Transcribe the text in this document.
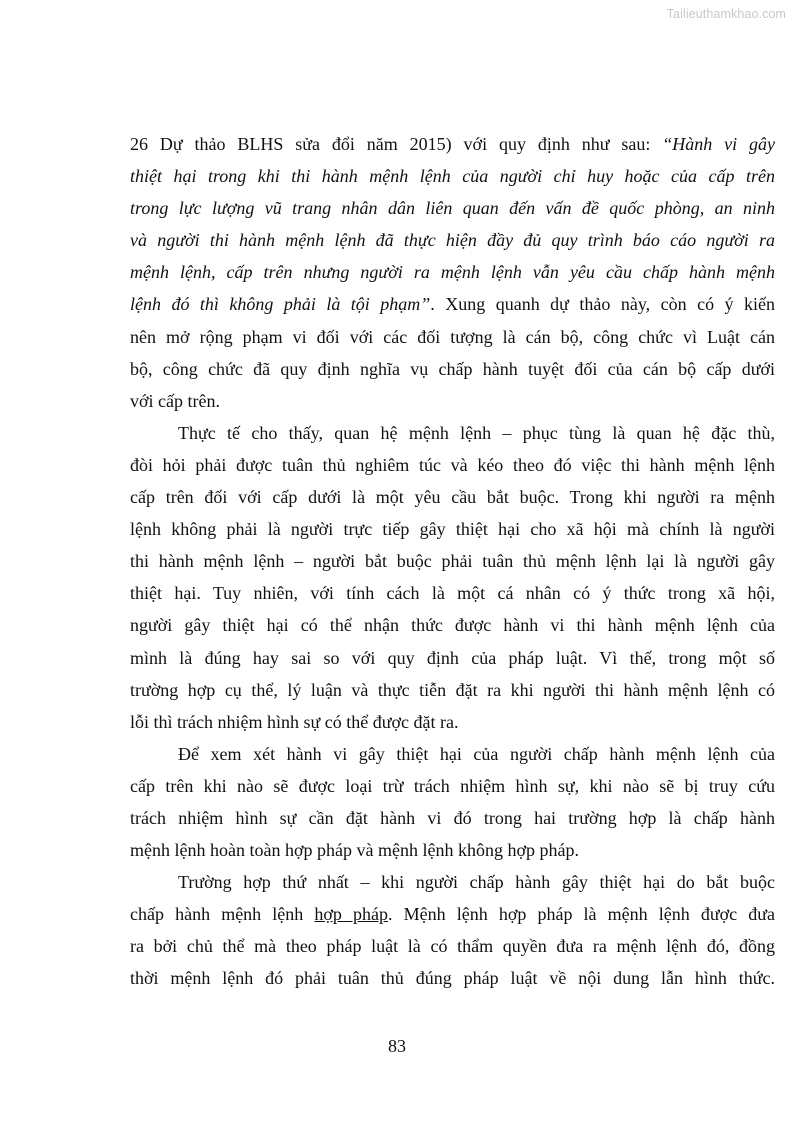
Tailieuthamkhao.com
26 Dự thảo BLHS sửa đổi năm 2015) với quy định như sau: “Hành vi gây
thiệt hại trong khi thi hành mệnh lệnh của người chỉ huy hoặc của cấp trên
trong lực lượng vũ trang nhân dân liên quan đến vấn đề quốc phòng, an ninh
và người thi hành mệnh lệnh đã thực hiện đầy đủ quy trình báo cáo người ra
mệnh lệnh, cấp trên nhưng người ra mệnh lệnh vẫn yêu cầu chấp hành mệnh
lệnh đó thì không phải là tội phạm”. Xung quanh dự thảo này, còn có ý kiến
nên mở rộng phạm vi đối với các đối tượng là cán bộ, công chức vì Luật cán
bộ, công chức đã quy định nghĩa vụ chấp hành tuyệt đối của cán bộ cấp dưới
với cấp trên.
Thực tế cho thấy, quan hệ mệnh lệnh – phục tùng là quan hệ đặc thù,
đòi hỏi phải được tuân thủ nghiêm túc và kéo theo đó việc thi hành mệnh lệnh
cấp trên đối với cấp dưới là một yêu cầu bắt buộc. Trong khi người ra mệnh
lệnh không phải là người trực tiếp gây thiệt hại cho xã hội mà chính là người
thi hành mệnh lệnh – người bắt buộc phải tuân thủ mệnh lệnh lại là người gây
thiệt hại. Tuy nhiên, với tính cách là một cá nhân có ý thức trong xã hội,
người gây thiệt hại có thể nhận thức được hành vi thi hành mệnh lệnh của
mình là đúng hay sai so với quy định của pháp luật. Vì thế, trong một số
trường hợp cụ thể, lý luận và thực tiễn đặt ra khi người thi hành mệnh lệnh có
lỗi thì trách nhiệm hình sự có thể được đặt ra.
Để xem xét hành vi gây thiệt hại của người chấp hành mệnh lệnh của
cấp trên khi nào sẽ được loại trừ trách nhiệm hình sự, khi nào sẽ bị truy cứu
trách nhiệm hình sự cần đặt hành vi đó trong hai trường hợp là chấp hành
mệnh lệnh hoàn toàn hợp pháp và mệnh lệnh không hợp pháp.
Trường hợp thứ nhất – khi người chấp hành gây thiệt hại do bắt buộc
chấp hành mệnh lệnh hợp pháp. Mệnh lệnh hợp pháp là mệnh lệnh được đưa
ra bởi chủ thể mà theo pháp luật là có thẩm quyền đưa ra mệnh lệnh đó, đồng
thời mệnh lệnh đó phải tuân thủ đúng pháp luật về nội dung lẫn hình thức.
83
